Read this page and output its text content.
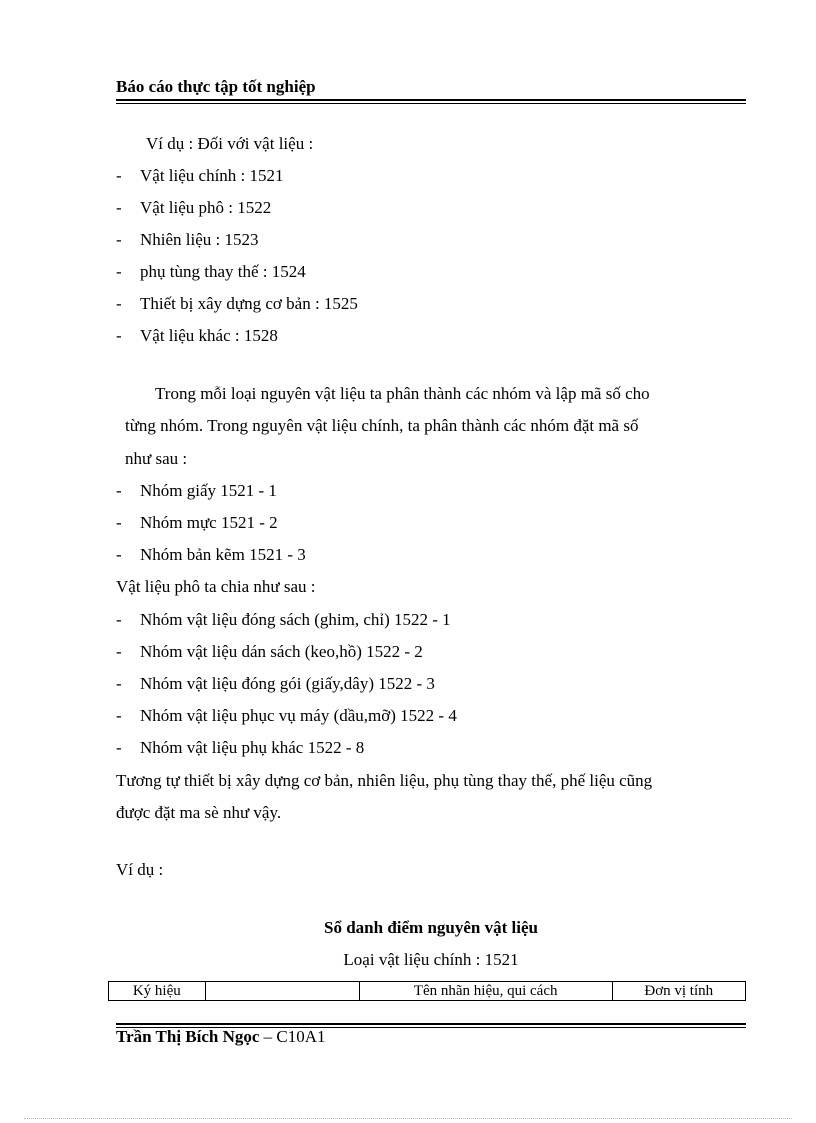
Báo cáo thực tập tốt nghiệp
Ví dụ : Đối với vật liệu :
- Vật liệu chính : 1521
- Vật liệu phô : 1522
- Nhiên liệu : 1523
- phụ tùng thay thế : 1524
- Thiết bị xây dựng cơ bản : 1525
- Vật liệu khác : 1528
Trong mỗi loại nguyên vật liệu ta phân thành các nhóm và lập mã số cho
từng nhóm. Trong nguyên vật liệu chính, ta phân thành các nhóm đặt mã số
như sau :
- Nhóm giấy 1521 - 1
- Nhóm mực 1521 - 2
- Nhóm bản kẽm 1521 - 3
Vật liệu phô ta chia như sau :
- Nhóm vật liệu đóng sách (ghim, chỉ) 1522 - 1
- Nhóm vật liệu dán sách (keo,hồ) 1522 - 2
- Nhóm vật liệu đóng gói (giấy,dây) 1522 - 3
- Nhóm vật liệu phục vụ máy (dầu,mỡ) 1522 - 4
- Nhóm vật liệu phụ khác 1522 - 8
Tương tự thiết bị xây dựng cơ bản, nhiên liệu, phụ tùng thay thế, phế liệu cũng
được đặt ma sè như vậy.
Ví dụ :
Sổ danh điểm nguyên vật liệu
Loại vật liệu chính : 1521
Ký hiệu		Tên nhãn hiệu, qui cách	Đơn vị tính
Trần Thị Bích Ngọc – C10A1
